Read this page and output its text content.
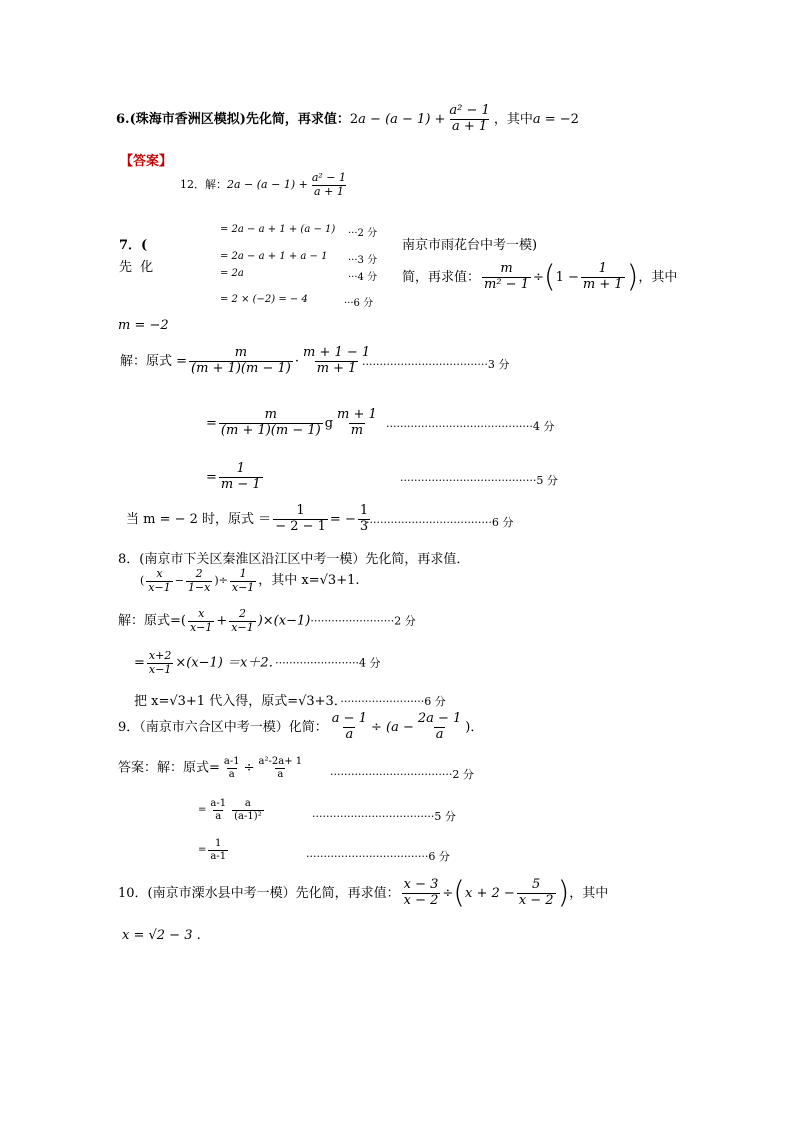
6.(珠海市香洲区模拟)先化简，再求值：$2a - (a - 1) + \frac{\text{a² − 1}}{a + 1}$ ，其中a = −2
【答案】
12．解：$2a - (a - 1) + \frac{\text{a² − 1}}{a + 1}$
= 2a − a + 1 + (a − 1) ···2 分
= 2a − a + 1 + a − 1 ···3 分
= 2a	···4 分
= 2 × (−2) = − 4	···6 分
7．(
先 化
南京市雨花台中考一模)
简，再求值： $\frac{m}{\text{m² − 1}} \div(1 - \frac{1}{m + 1}$ )，其中
m = −2
解：原式 = $\frac{m}{(m + 1)(m - 1)} \cdot \frac{m + 1 - 1}{m + 1}$
····································3 分
= $\frac{m}{(m + 1)(m - 1)}$ g $\frac{m + 1}{m} \cdot\cdot\cdot\cdot\cdot\cdot\cdot\cdot\cdot\cdot\cdot\cdot\cdot\cdot\cdot\cdot\cdot\cdot\cdot\cdot\cdot\cdot\cdot\cdot\cdot\cdot\cdot\cdot\cdot\cdot\cdot\cdot\cdot\cdot\cdot\cdot\cdot\cdot\cdot\cdot\cdot\cdot 4$ 分
= $\frac{1}{m - 1}$	·······································5 分
当 m = − 2 时，原式 ＝ $\frac{1}{- 2 - 1}$ = − $\frac{1}{3}$
····································6 分
8．(南京市下关区秦淮区沿江区中考一模）先化简，再求值．
( $\frac{x}{x-1} - \frac{2}{1-x}$ )÷ $\frac{1}{x-1}$ ，其中 x=√3+1.
解：原式=( $\frac{x}{x-1} + \frac{2}{x-1} )\times(x-1)\cdot\cdot\cdot\cdot\cdot\cdot\cdot\cdot\cdot\cdot\cdot\cdot\cdot\cdot\cdot\cdot\cdot\cdot\cdot\cdot\cdot\cdot\cdot\cdot 2$ 分
= $\frac{x+2}{x-1} \times(x-1) =x+2$．························4 分
把 x=√3+1 代入得，原式=√3+3．························6 分
9．（南京市六合区中考一模）化简： $\frac{a - 1}{a} \div (a - \frac{2a - 1}{a}$ )．
答案：解：原式= $\frac{a-1}{a} \div \frac{\text{a²-2a+ 1}}{a} \cdot\cdot\cdot\cdot\cdot\cdot\cdot\cdot\cdot\cdot\cdot\cdot\cdot\cdot\cdot\cdot\cdot\cdot\cdot\cdot\cdot\cdot\cdot\cdot\cdot\cdot\cdot\cdot\cdot\cdot\cdot\cdot\cdot\cdot\cdot 2$ 分
= $\frac{a-1}{a} \frac{a}{\text{(a-1)²}}$	···································5 分
= $\frac{1}{a-1}$	···································6 分
10．(南京市溧水县中考一模）先化简，再求值： $\frac{x - 3}{x - 2} \div(x + 2 - \frac{5}{x - 2}$ )，其中
x = √2 − 3 .
